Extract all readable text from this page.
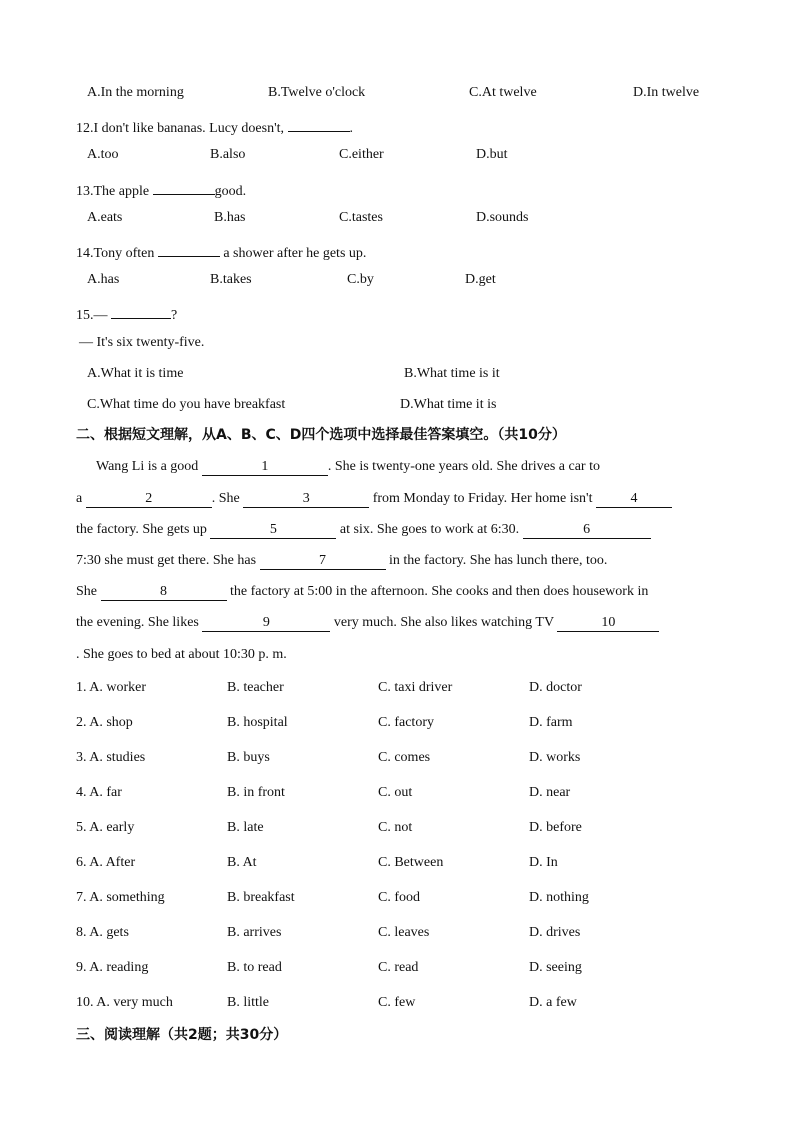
A.In the morning	B.Twelve o'clock	C.At twelve	D.In twelve
12.I don't like bananas. Lucy doesn't,	.
A.too	B.also	C.either	D.but
13.The apple	good.
A.eats	B.has	C.tastes	D.sounds
14.Tony often	a shower after he gets up.
A.has	B.takes	C.by	D.get
15.—	?
— It's six twenty-five.
A.What it is time	B.What time is it
C.What time do you have breakfast	D.What time it is
二、根据短文理解，从A、B、C、D四个选项中选择最佳答案填空。（共10分）
Wang Li is a good	1	. She is twenty-one years old. She drives a car to
a	2	. She	3	from Monday to Friday. Her home isn't 4
the factory. She gets up	5	at six. She goes to work at 6:30.	6
7:30 she must get there. She has	7	in the factory. She has lunch there, too.
She	8	the factory at 5:00 in the afternoon. She cooks and then does housework in
the evening. She likes	9	very much. She also likes watching TV	10
. She goes to bed at about 10:30 p. m.
1. A. worker	B. teacher	C. taxi driver	D. doctor
2. A. shop	B. hospital	C. factory	D. farm
3. A. studies	B. buys	C. comes	D. works
4. A. far	B. in front	C. out	D. near
5. A. early	B. late	C. not	D. before
6. A. After	B. At	C. Between	D. In
7. A. something	B. breakfast	C. food	D. nothing
8. A. gets	B. arrives	C. leaves	D. drives
9. A. reading	B. to read	C. read	D. seeing
10. A. very much	B. little	C. few	D. a few
三、阅读理解（共2题；共30分）
